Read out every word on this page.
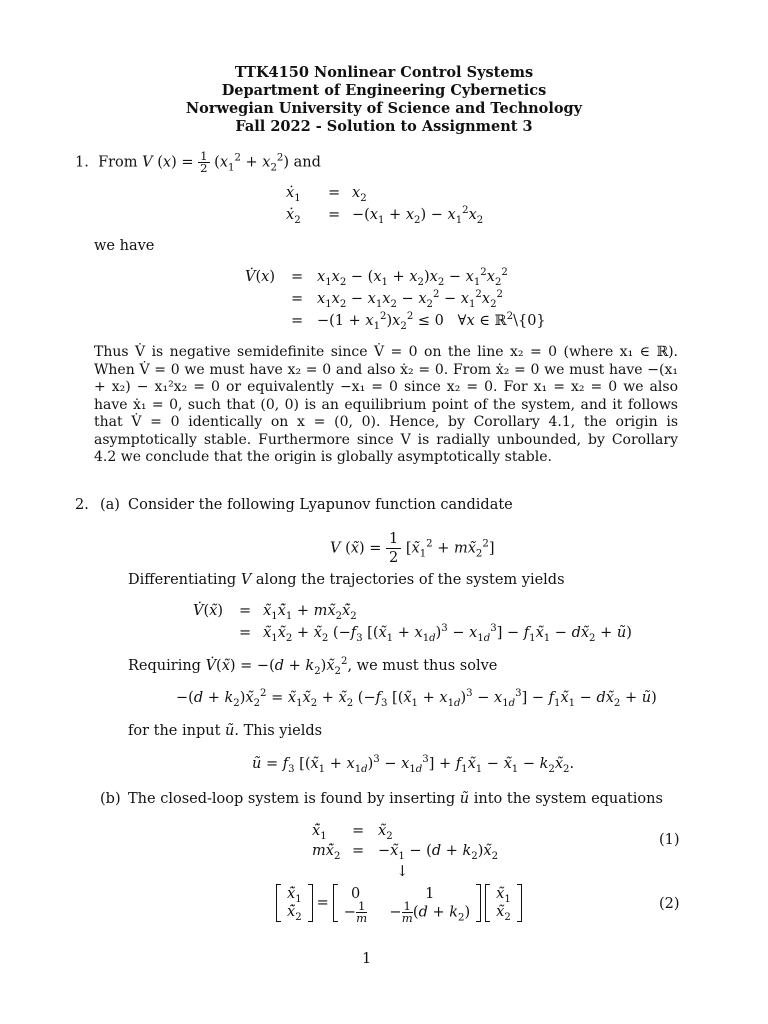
TTK4150 Nonlinear Control Systems
Department of Engineering Cybernetics
Norwegian University of Science and Technology
Fall 2022 - Solution to Assignment 3
1. From V $(x) = \frac{1}{2} (x_1^2 + x_2^2)$ and
ẋ$_1$ = $x_2$
ẋ$_2$ = $-(x_1 + x_2) - x_1^2x_2$
we have
V̇(x) = $x_1x_2 - (x_1 + x_2)x_2 - x_1^2x_2^2$
= $x_1x_2 - x_1x_2 - x_2^2 - x_1^2x_2^2$
= $-(1 + x_1^2)x_2^2 \le 0$   ∀x ∈ ℝ$^2$\{0}
Thus V̇ is negative semidefinite since V̇ = 0 on the line x₂ = 0 (where x₁ ∈ ℝ). When V̇ = 0 we must have x₂ = 0 and also ẋ₂ = 0. From ẋ₂ = 0 we must have −(x₁ + x₂) − x₁²x₂ = 0 or equivalently −x₁ = 0 since x₂ = 0. For x₁ = x₂ = 0 we also have ẋ₁ = 0, such that (0, 0) is an equilibrium point of the system, and it follows that V̇ = 0 identically on x = (0, 0). Hence, by Corollary 4.1, the origin is asymptotically stable. Furthermore since V is radially unbounded, by Corollary 4.2 we conclude that the origin is globally asymptotically stable.
2. (a) Consider the following Lyapunov function candidate
V (x̃) = $\frac{1}{2}$ [$x̃_1^2$ + $mx̃_2^2$]
Differentiating V along the trajectories of the system yields
V̇(x̃) = $x̃_1x̃̇_1$ + $mx̃_2x̃̇_2$
= $x̃_1x̃_2$ + $x̃_2$ ($-f_3$ $[(x̃_1 + x_{1d})^3 - x_{1d}^3]$ − $f_1x̃_1$ − $dx̃_2$ + ũ)
Requiring V̇(x̃) = $-(d + k_2)x̃_2^2$, we must thus solve
$-(d + k_2)x̃_2^2$ = $x̃_1x̃_2$ + $x̃_2$ ($-f_3$ $[(x̃_1 + x_{1d})^3 - x_{1d}^3]$ − $f_1x̃_1$ − $dx̃_2$ + ũ)
for the input ũ. This yields
ũ = $f_3$ $[(x̃_1 + x_{1d})^3 - x_{1d}^3]$ + $f_1x̃_1$ − $x̃_1$ − $k_2x̃_2$.
(b) The closed-loop system is found by inserting ũ into the system equations
$x̃̇_1$ = $x̃_2$
$mx̃̇_2$ = $-x̃_1 - (d$ + $k_2)x̃_2$
(1)
↓
$x̃̇_1$
$x̃̇_2$
=
0	1
− $\frac{1}{m} - \frac{1}{m} (d + k_2)$
$x̃_1$
$x̃_2$
(2)
1
